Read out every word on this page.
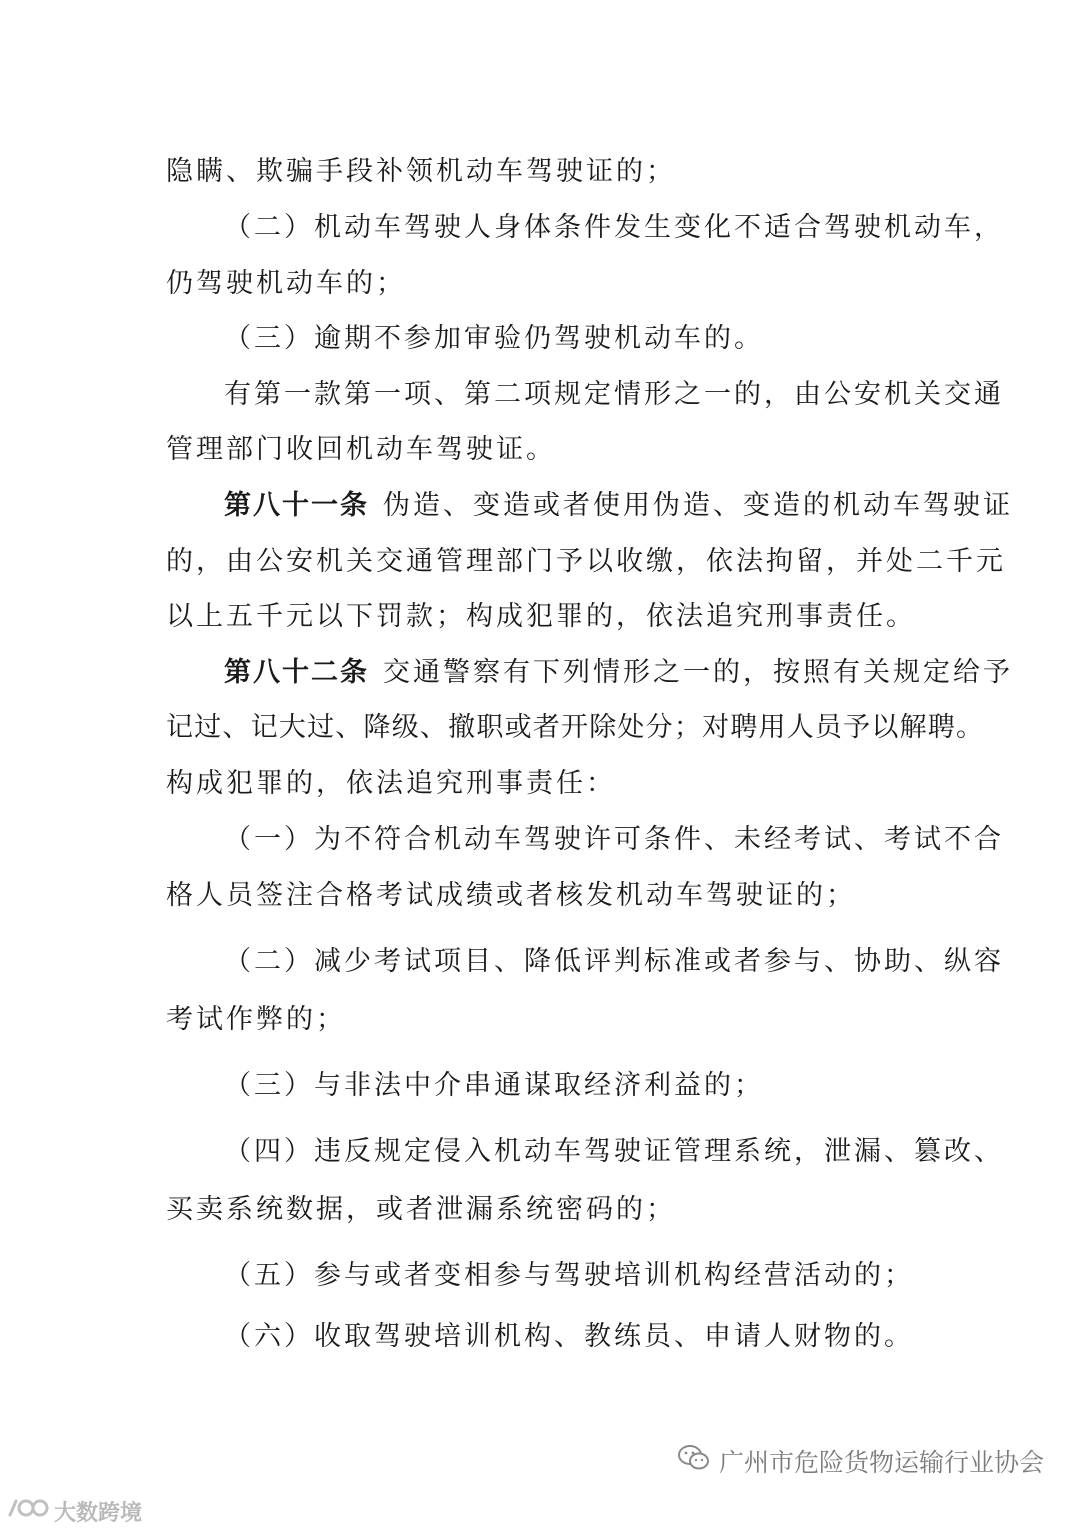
隐瞒、欺骗手段补领机动车驾驶证的；
（二）机动车驾驶人身体条件发生变化不适合驾驶机动车，
仍驾驶机动车的；
（三）逾期不参加审验仍驾驶机动车的。
有第一款第一项、第二项规定情形之一的，由公安机关交通
管理部门收回机动车驾驶证。
第八十一条 伪造、变造或者使用伪造、变造的机动车驾驶证
的，由公安机关交通管理部门予以收缴，依法拘留，并处二千元
以上五千元以下罚款；构成犯罪的，依法追究刑事责任。
第八十二条 交通警察有下列情形之一的，按照有关规定给予
记过、记大过、降级、撤职或者开除处分；对聘用人员予以解聘。
构成犯罪的，依法追究刑事责任：
（一）为不符合机动车驾驶许可条件、未经考试、考试不合
格人员签注合格考试成绩或者核发机动车驾驶证的；
（二）减少考试项目、降低评判标准或者参与、协助、纵容
考试作弊的；
（三）与非法中介串通谋取经济利益的；
（四）违反规定侵入机动车驾驶证管理系统，泄漏、篡改、
买卖系统数据，或者泄漏系统密码的；
（五）参与或者变相参与驾驶培训机构经营活动的；
（六）收取驾驶培训机构、教练员、申请人财物的。
广州市危险货物运输行业协会
大数跨境
